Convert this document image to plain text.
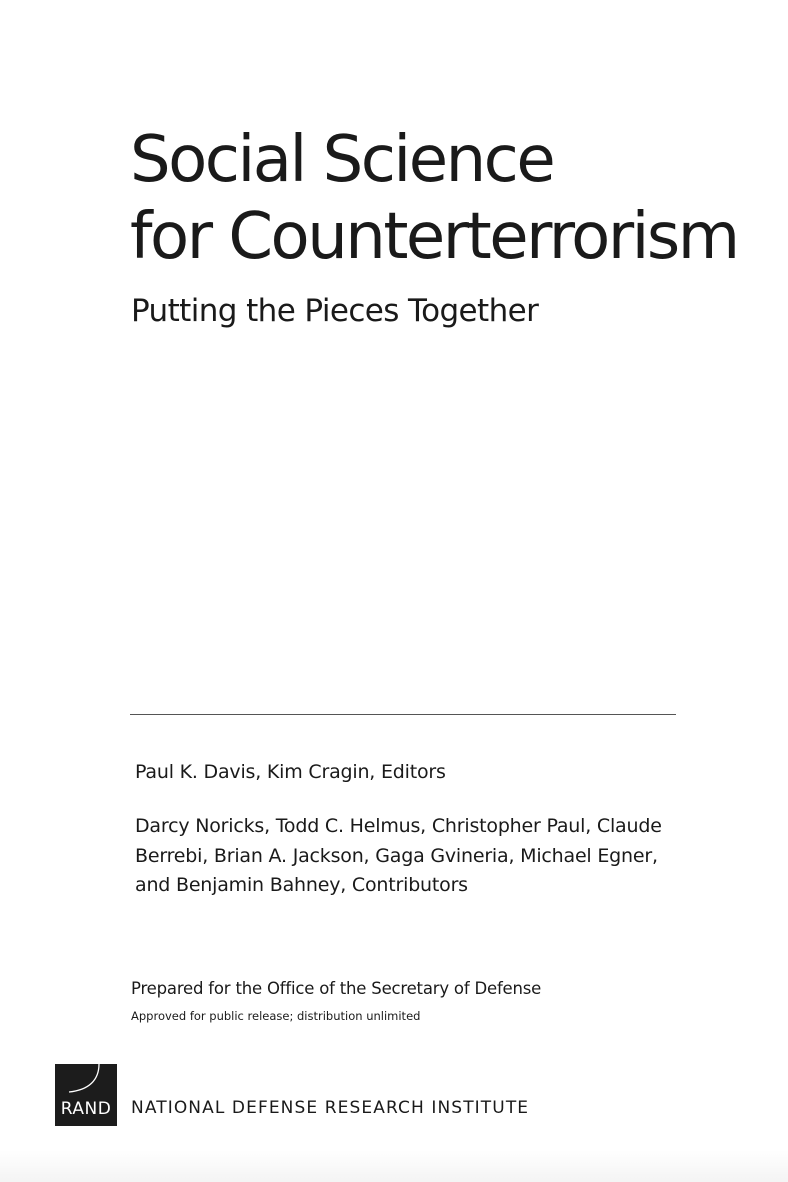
Social Science
for Counterterrorism
Putting the Pieces Together

Paul K. Davis, Kim Cragin, Editors

Darcy Noricks, Todd C. Helmus, Christopher Paul, Claude
Berrebi, Brian A. Jackson, Gaga Gvineria, Michael Egner,
and Benjamin Bahney, Contributors

Prepared for the Office of the Secretary of Defense

Approved for public release; distribution unlimited

RAND	NATIONAL DEFENSE RESEARCH INSTITUTE
